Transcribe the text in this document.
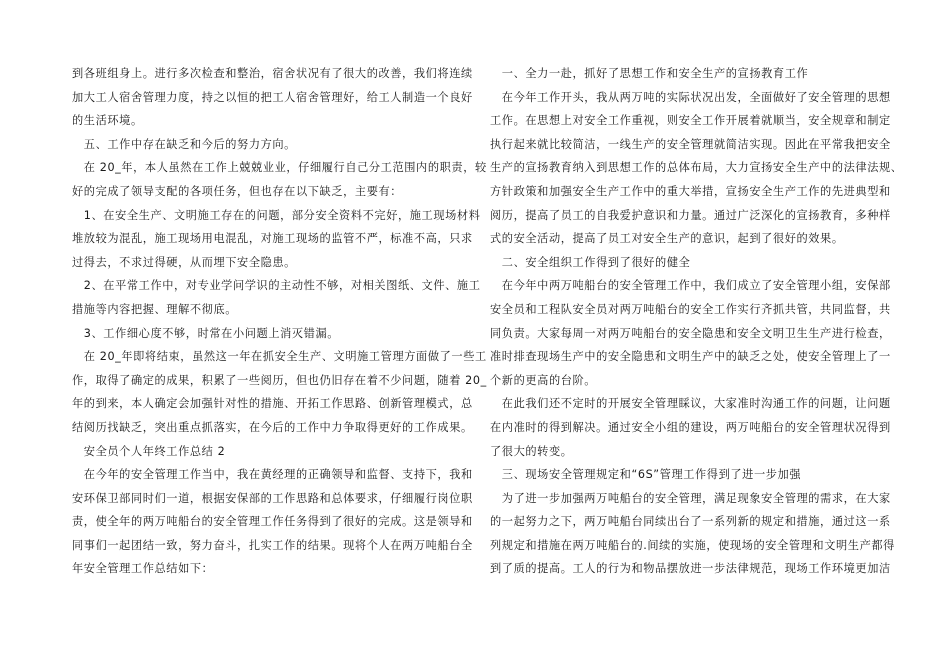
到各班组身上。进行多次检查和整治，宿舍状况有了很大的改善，我们将连续
加大工人宿舍管理力度，持之以恒的把工人宿舍管理好，给工人制造一个良好
的生活环境。
　五、工作中存在缺乏和今后的努力方向。
　在 20_年，本人虽然在工作上兢兢业业，仔细履行自己分工范围内的职责，较
好的完成了领导支配的各项任务，但也存在以下缺乏，主要有：
　1、在安全生产、文明施工存在的问题，部分安全资料不完好，施工现场材料
堆放较为混乱，施工现场用电混乱，对施工现场的监管不严，标准不高，只求
过得去，不求过得硬，从而埋下安全隐患。
　2、在平常工作中，对专业学问学识的主动性不够，对相关图纸、文件、施工
措施等内容把握、理解不彻底。
　3、工作细心度不够，时常在小问题上消灭错漏。
　在 20_年即将结束，虽然这一年在抓安全生产、文明施工管理方面做了一些工
作，取得了确定的成果，积累了一些阅历，但也仍旧存在着不少问题，随着 20_
年的到来，本人确定会加强针对性的措施、开拓工作思路、创新管理模式，总
结阅历找缺乏，突出重点抓落实，在今后的工作中力争取得更好的工作成果。
　安全员个人年终工作总结 2
　在今年的安全管理工作当中，我在黄经理的正确领导和监督、支持下，我和
安环保卫部同时们一道，根据安保部的工作思路和总体要求，仔细履行岗位职
责，使全年的两万吨船台的安全管理工作任务得到了很好的完成。这是领导和
同事们一起团结一致，努力奋斗，扎实工作的结果。现将个人在两万吨船台全
年安全管理工作总结如下：
　一、全力一赴，抓好了思想工作和安全生产的宣扬教育工作
　在今年工作开头，我从两万吨的实际状况出发，全面做好了安全管理的思想
工作。在思想上对安全工作重视，则安全工作开展着就顺当，安全规章和制定
执行起来就比较简洁，一线生产的安全管理就简洁实现。因此在平常我把安全
生产的宣扬教育纳入到思想工作的总体布局，大力宣扬安全生产中的法律法规、
方针政策和加强安全生产工作中的重大举措，宣扬安全生产工作的先进典型和
阅历，提高了员工的自我爱护意识和力量。通过广泛深化的宣扬教育，多种样
式的安全活动，提高了员工对安全生产的意识，起到了很好的效果。
　二、安全组织工作得到了很好的健全
　在今年中两万吨船台的安全管理工作中，我们成立了安全管理小组，安保部
安全员和工程队安全员对两万吨船台的安全工作实行齐抓共管，共同监督，共
同负责。大家每周一对两万吨船台的安全隐患和安全文明卫生生产进行检查，
准时排查现场生产中的安全隐患和文明生产中的缺乏之处，使安全管理上了一
个新的更高的台阶。
　在此我们还不定时的开展安全管理睬议，大家准时沟通工作的问题，让问题
在内准时的得到解决。通过安全小组的建设，两万吨船台的安全管理状况得到
了很大的转变。
　三、现场安全管理规定和“6S”管理工作得到了进一步加强
　为了进一步加强两万吨船台的安全管理，满足现象安全管理的需求，在大家
的一起努力之下，两万吨船台同续出台了一系列新的规定和措施，通过这一系
列规定和措施在两万吨船台的.间续的实施，使现场的安全管理和文明生产都得
到了质的提高。工人的行为和物品摆放进一步法律规范，现场工作环境更加洁
